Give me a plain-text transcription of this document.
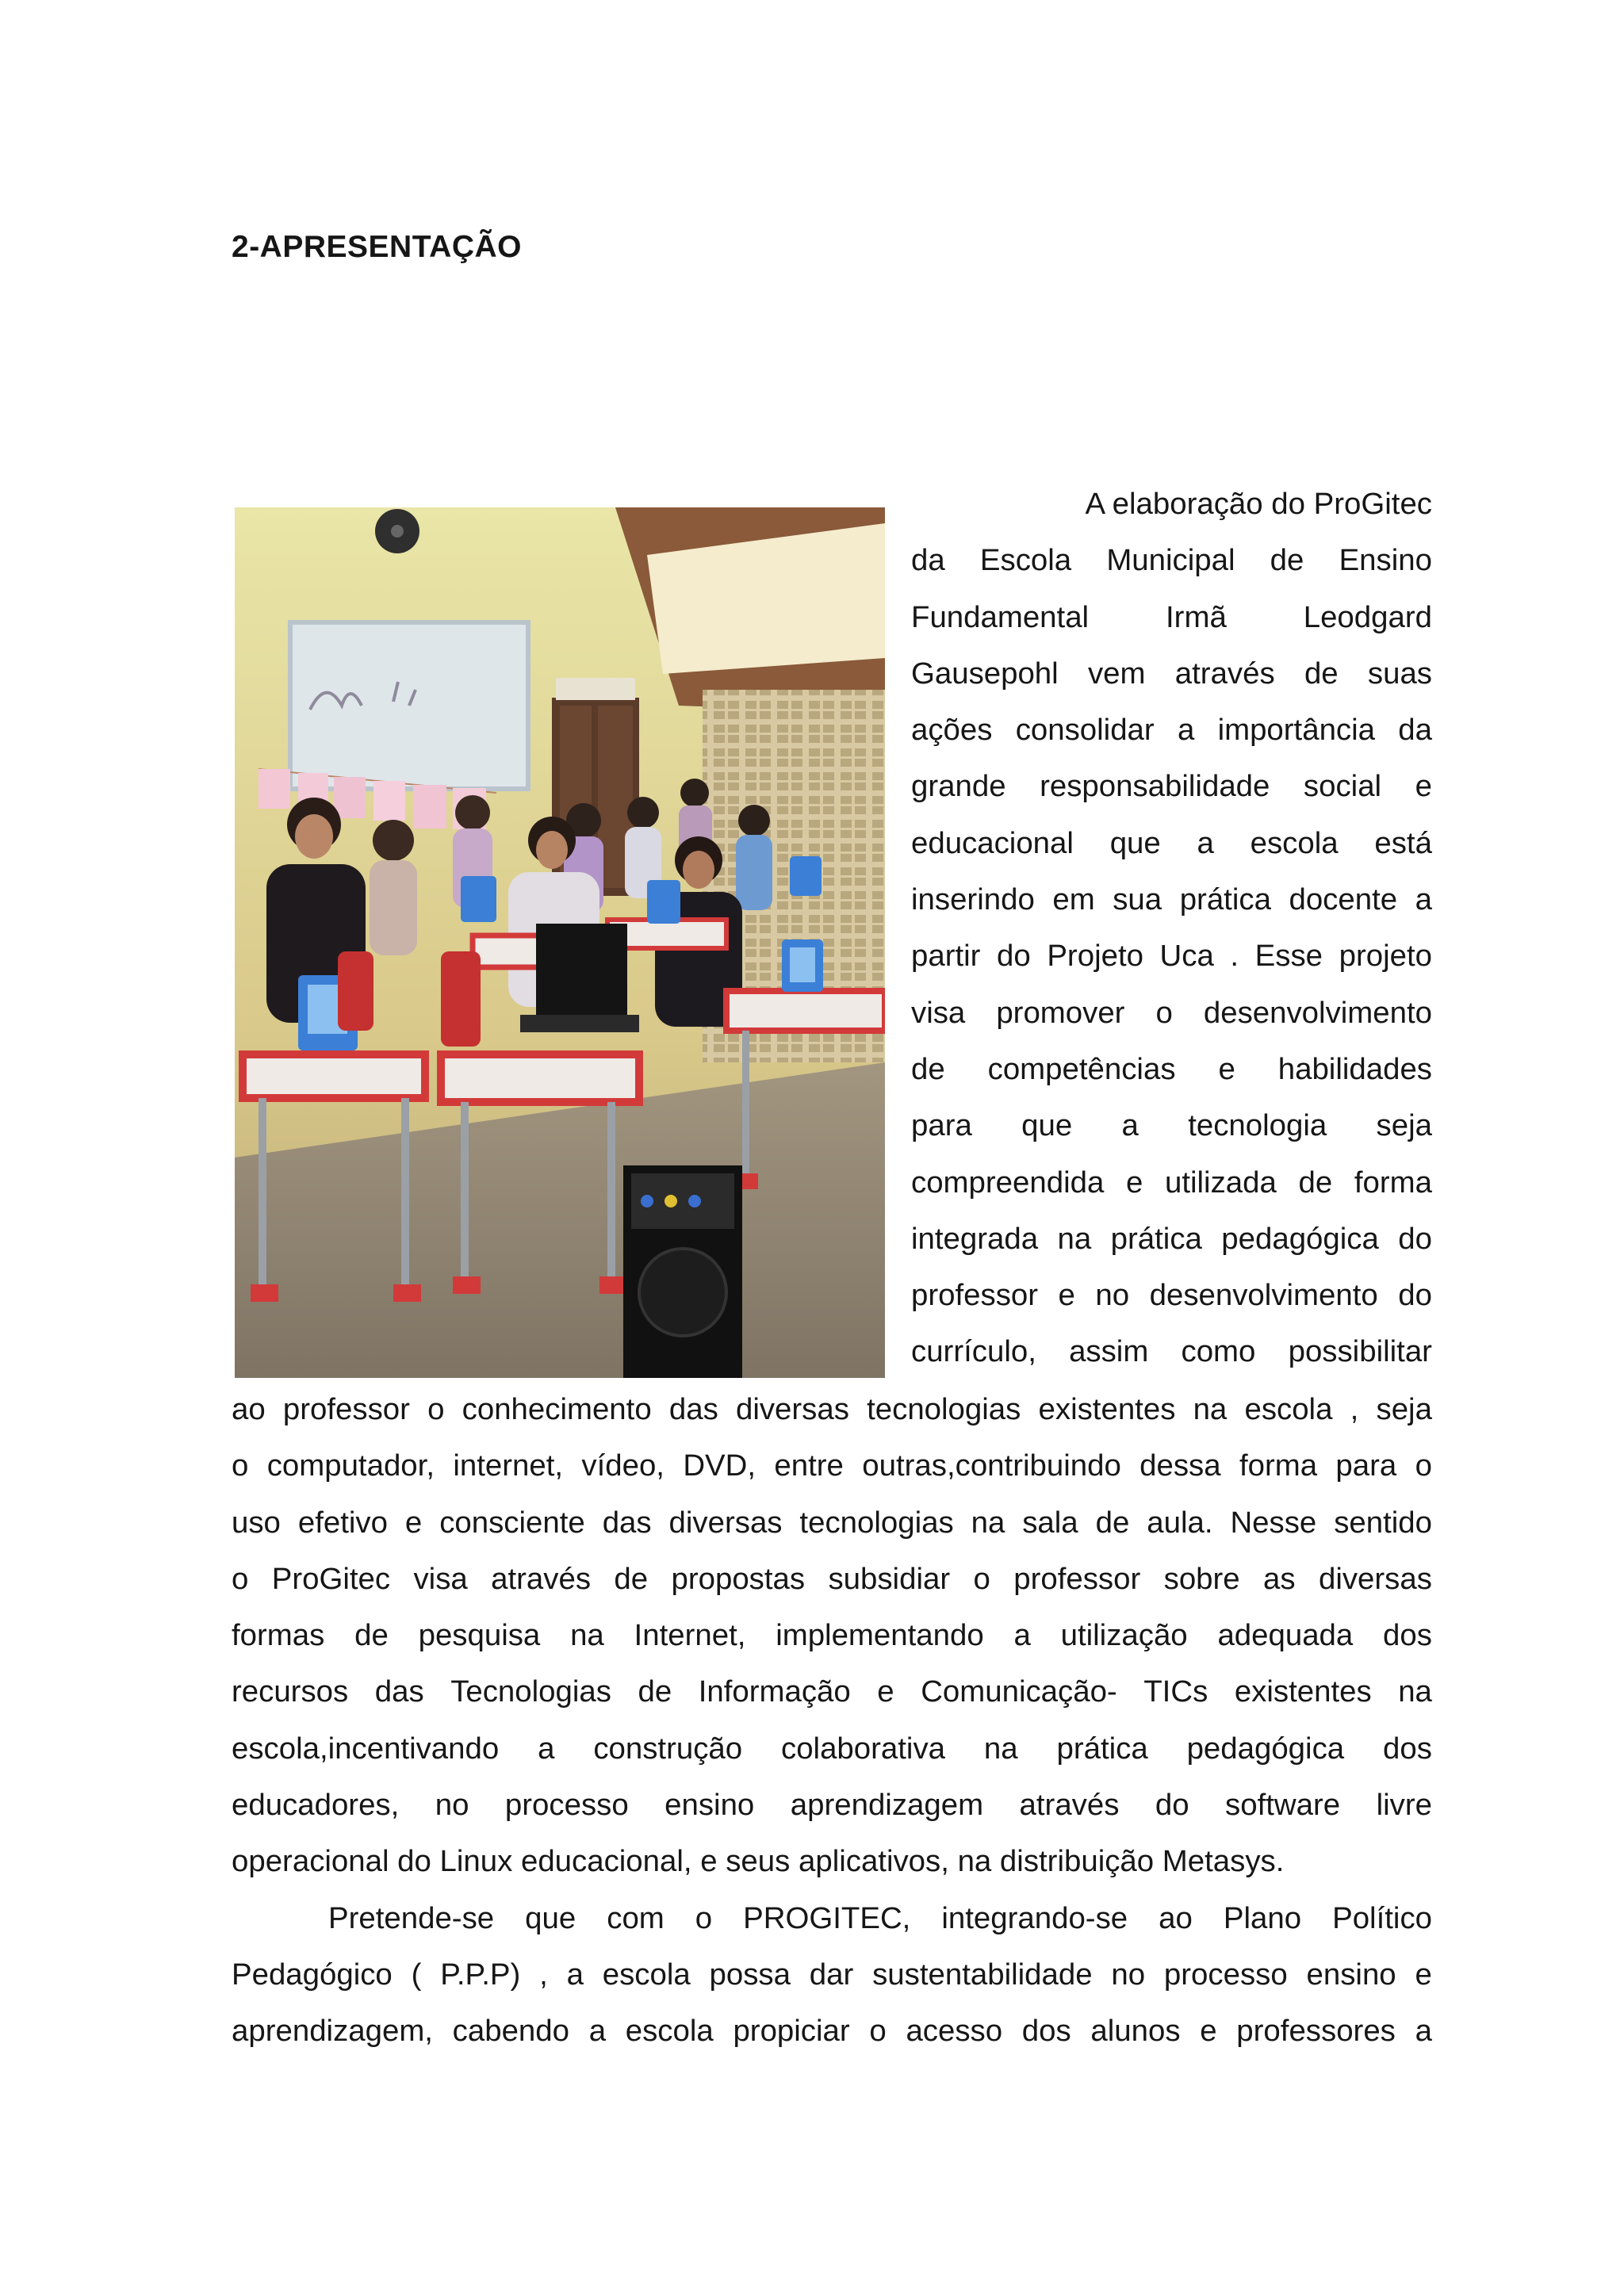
2-APRESENTAÇÃO
A elaboração do ProGitec
da Escola Municipal de Ensino
Fundamental	Irmã	Leodgard
Gausepohl vem através de suas
ações consolidar a importância da
grande responsabilidade social e
educacional que a escola está
inserindo em sua prática docente a
partir do Projeto Uca . Esse projeto
visa promover o desenvolvimento
de competências e habilidades
para que a tecnologia seja
compreendida e utilizada de forma
integrada na prática pedagógica do
professor e no desenvolvimento do
currículo, assim como possibilitar
ao professor o conhecimento das diversas tecnologias existentes na escola , seja
o computador, internet, vídeo, DVD, entre outras,contribuindo dessa forma para o
uso efetivo e consciente das diversas tecnologias na sala de aula. Nesse sentido
o ProGitec visa através de propostas subsidiar o professor sobre as diversas
formas de pesquisa na Internet, implementando a utilização adequada dos
recursos das Tecnologias de Informação e Comunicação- TICs existentes na
escola,incentivando a construção colaborativa na prática pedagógica dos
educadores, no processo ensino aprendizagem através do software livre
operacional do Linux educacional, e seus aplicativos, na distribuição Metasys.
Pretende-se que com o PROGITEC, integrando-se ao Plano Político
Pedagógico ( P.P.P) , a escola possa dar sustentabilidade no processo ensino e
aprendizagem, cabendo a escola propiciar o acesso dos alunos e professores a
